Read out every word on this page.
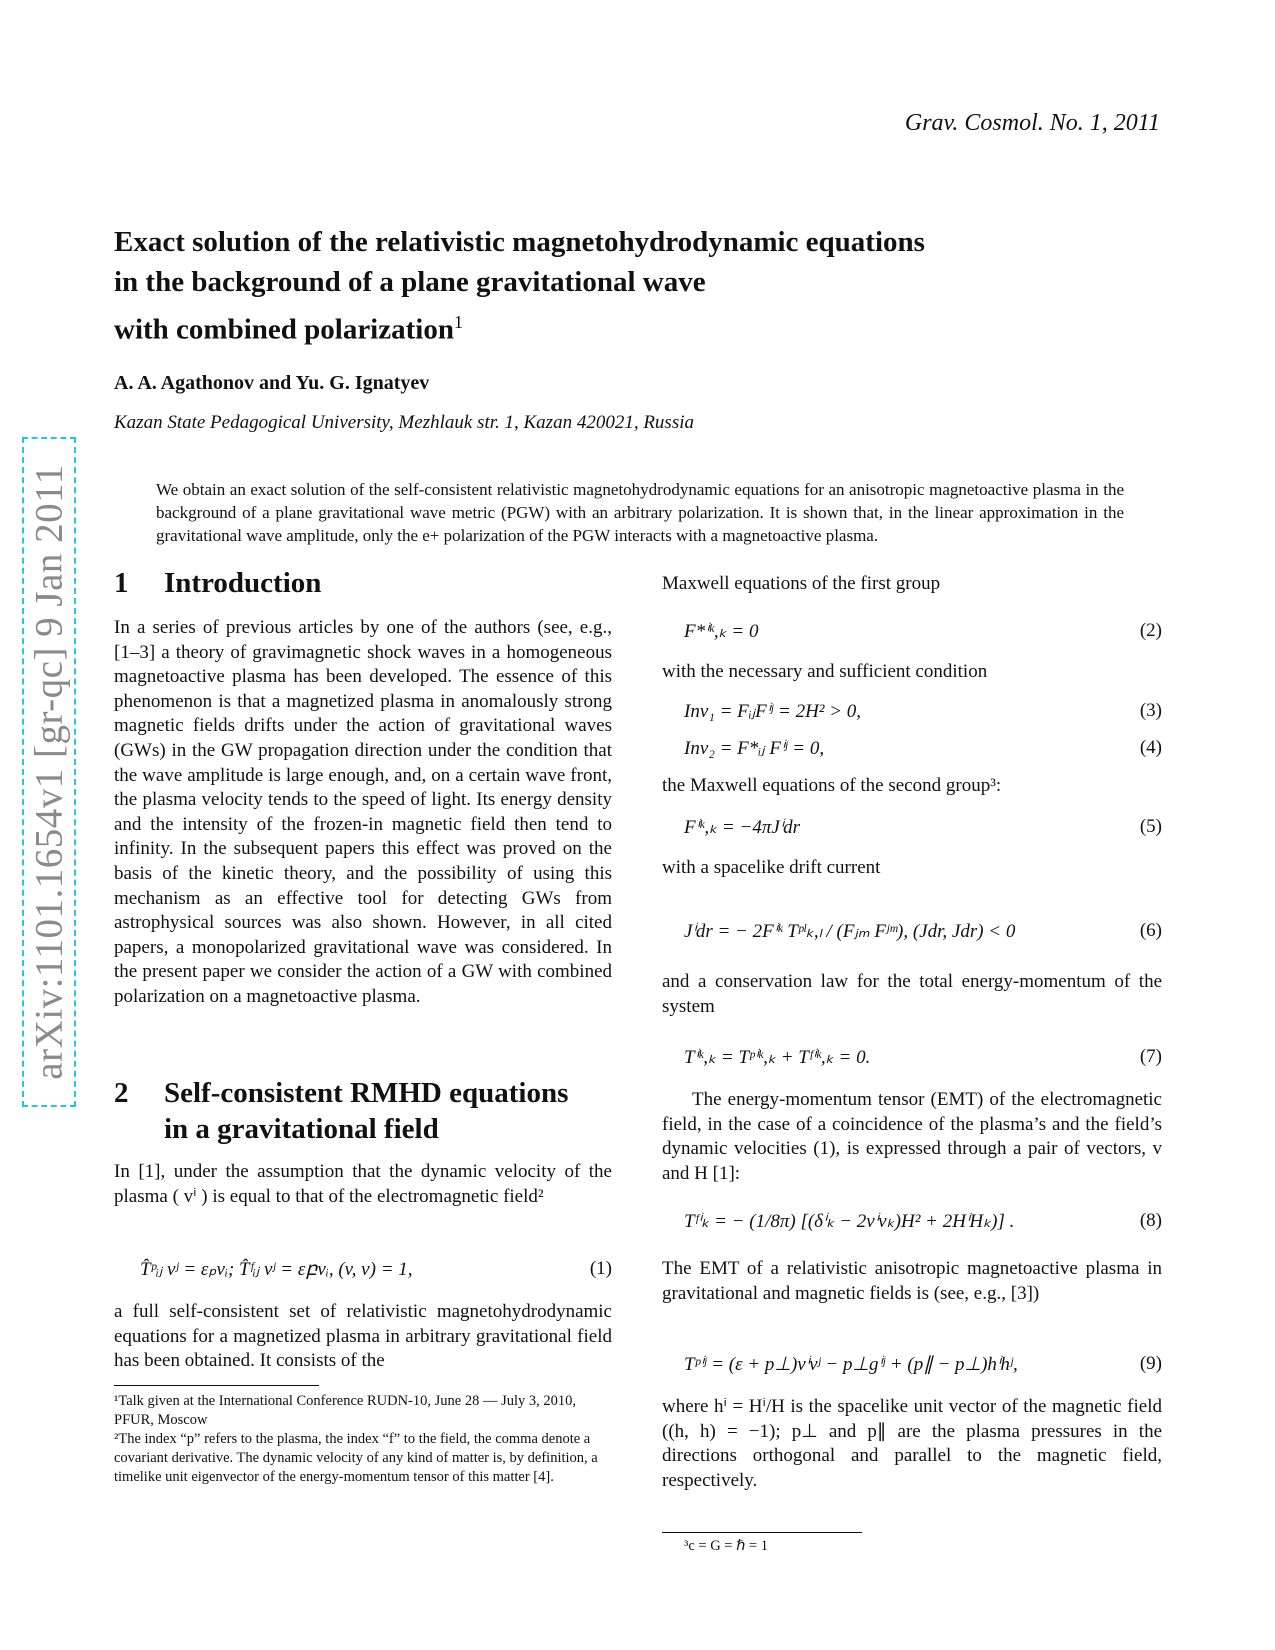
Grav. Cosmol. No. 1, 2011
arXiv:1101.1654v1 [gr-qc] 9 Jan 2011
Exact solution of the relativistic magnetohydrodynamic equations
in the background of a plane gravitational wave
with combined polarization$^1$
A. A. Agathonov and Yu. G. Ignatyev
Kazan State Pedagogical University, Mezhlauk str. 1, Kazan 420021, Russia
We obtain an exact solution of the self-consistent relativistic magnetohydrodynamic equations for an anisotropic magnetoactive plasma in the background of a plane gravitational wave metric (PGW) with an arbitrary polarization. It is shown that, in the linear approximation in the gravitational wave amplitude, only the e+ polarization of the PGW interacts with a magnetoactive plasma.
1 Introduction
In a series of previous articles by one of the authors (see, e.g., [1–3] a theory of gravimagnetic shock waves in a homogeneous magnetoactive plasma has been developed. The essence of this phenomenon is that a magnetized plasma in anomalously strong magnetic fields drifts under the action of gravitational waves (GWs) in the GW propagation direction under the condition that the wave amplitude is large enough, and, on a certain wave front, the plasma velocity tends to the speed of light. Its energy density and the intensity of the frozen-in magnetic field then tend to infinity. In the subsequent papers this effect was proved on the basis of the kinetic theory, and the possibility of using this mechanism as an effective tool for detecting GWs from astrophysical sources was also shown. However, in all cited papers, a monopolarized gravitational wave was considered. In the present paper we consider the action of a GW with combined polarization on a magnetoactive plasma.
2 Self-consistent RMHD equations
in a gravitational field
In [1], under the assumption that the dynamic velocity of the plasma ( vⁱ ) is equal to that of the electromagnetic field²
T̂ᵖᵢⱼ vʲ = εₚvᵢ; T̂ᶠᵢⱼ vʲ = εբvᵢ, (v, v) = 1,	(1)
a full self-consistent set of relativistic magnetohydrodynamic equations for a magnetized plasma in arbitrary gravitational field has been obtained. It consists of the
¹Talk given at the International Conference RUDN-10, June 28 — July 3, 2010, PFUR, Moscow
²The index “p” refers to the plasma, the index “f” to the field, the comma denote a covariant derivative. The dynamic velocity of any kind of matter is, by definition, a timelike unit eigenvector of the energy-momentum tensor of this matter [4].
Maxwell equations of the first group
F*ⁱᵏ,ₖ = 0	(2)
with the necessary and sufficient condition
Inv₁ = FᵢⱼFⁱʲ = 2H² > 0,	(3)
Inv₂ = F*ᵢⱼ Fⁱʲ = 0,	(4)
the Maxwell equations of the second group³:
Fⁱᵏ,ₖ = −4πJⁱdr	(5)
with a spacelike drift current
Jⁱdr = − 2Fⁱᵏ Tᵖˡₖ,ₗ / (Fⱼₘ Fʲᵐ), (Jdr, Jdr) < 0	(6)
and a conservation law for the total energy-momentum of the system
Tⁱᵏ,ₖ = Tᵖⁱᵏ,ₖ + Tᶠⁱᵏ,ₖ = 0.	(7)
The energy-momentum tensor (EMT) of the electromagnetic field, in the case of a coincidence of the plasma’s and the field’s dynamic velocities (1), is expressed through a pair of vectors, v and H [1]:
Tᶠⁱₖ = − (1/8π) [(δⁱₖ − 2vⁱvₖ)H² + 2HⁱHₖ)] .	(8)
The EMT of a relativistic anisotropic magnetoactive plasma in gravitational and magnetic fields is (see, e.g., [3])
Tᵖⁱʲ = (ε + p⊥)vⁱvʲ − p⊥gⁱʲ + (p∥ − p⊥)hⁱhʲ,	(9)
where hⁱ = Hⁱ/H is the spacelike unit vector of the magnetic field ((h, h) = −1); p⊥ and p∥ are the plasma pressures in the directions orthogonal and parallel to the magnetic field, respectively.
³c = G = ℏ = 1
